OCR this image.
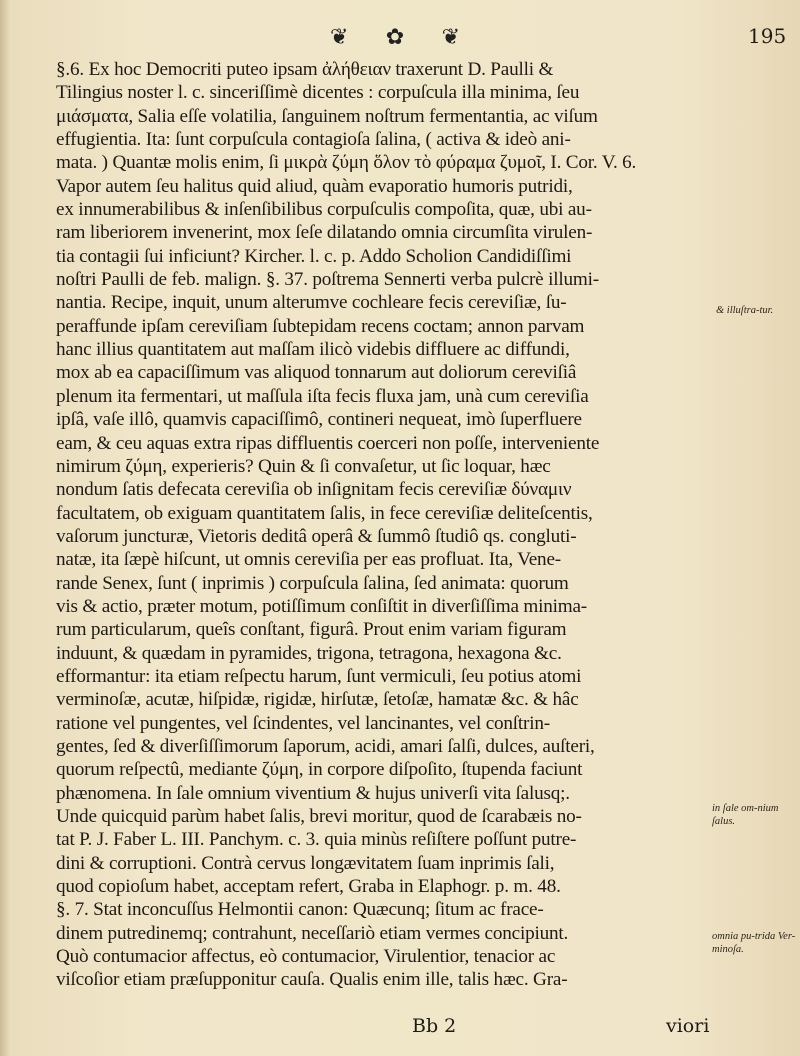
❦ ✿ ❦	195
§.6. Ex hoc Democriti puteo ipsam ἀλήθειαν traxerunt D. Paulli &
Tilingius noster l. c. sinceriſſimè dicentes : corpuſcula illa minima, ſeu
μιάσματα, Salia eſſe volatilia, ſanguinem noſtrum fermentantia, ac viſum
effugientia. Ita: ſunt corpuſcula contagioſa ſalina, ( activa & ideò ani-
mata. ) Quantæ molis enim, ſi μικρὰ ζύμη ὅλον τὸ φύραμα ζυμοῖ, I. Cor. V. 6.
Vapor autem ſeu halitus quid aliud, quàm evaporatio humoris putridi,
ex innumerabilibus & inſenſibilibus corpuſculis compoſita, quæ, ubi au-
ram liberiorem invenerint, mox ſeſe dilatando omnia circumſita virulen-
tia contagii ſui inficiunt? Kircher. l. c. p. Addo Scholion Candidiſſimi
noſtri Paulli de feb. malign. §. 37. poſtrema Sennerti verba pulcrè illumi-
nantia. Recipe, inquit, unum alterumve cochleare fecis cereviſiæ, ſu-
peraffunde ipſam cereviſiam ſubtepidam recens coctam; annon parvam
hanc illius quantitatem aut maſſam ilicò videbis diffluere ac diffundi,
mox ab ea capaciſſimum vas aliquod tonnarum aut doliorum cereviſiâ
plenum ita fermentari, ut maſſula iſta fecis fluxa jam, unà cum cereviſia
ipſâ, vaſe illô, quamvis capaciſſimô, contineri nequeat, imò ſuperfluere
eam, & ceu aquas extra ripas diffluentis coerceri non poſſe, interveniente
nimirum ζύμη, experieris? Quin & ſi convaſetur, ut ſic loquar, hæc
nondum ſatis defecata cereviſia ob inſignitam fecis cereviſiæ δύναμιν
facultatem, ob exiguam quantitatem ſalis, in fece cereviſiæ deliteſcentis,
vaſorum juncturæ, Vietoris deditâ operâ & ſummô ſtudiô qs. congluti-
natæ, ita ſæpè hiſcunt, ut omnis cereviſia per eas profluat. Ita, Vene-
rande Senex, ſunt ( inprimis ) corpuſcula ſalina, ſed animata: quorum
vis & actio, præter motum, potiſſimum conſiſtit in diverſiſſima minima-
rum particularum, queîs conſtant, figurâ. Prout enim variam figuram
induunt, & quædam in pyramides, trigona, tetragona, hexagona &c.
efformantur: ita etiam reſpectu harum, ſunt vermiculi, ſeu potius atomi
verminoſæ, acutæ, hiſpidæ, rigidæ, hirſutæ, ſetoſæ, hamatæ &c. & hâc
ratione vel pungentes, vel ſcindentes, vel lancinantes, vel conſtrin-
gentes, ſed & diverſiſſimorum ſaporum, acidi, amari ſalſi, dulces, auſteri,
quorum reſpectû, mediante ζύμη, in corpore diſpoſito, ſtupenda faciunt
phænomena. In ſale omnium viventium & hujus univerſi vita ſalusq;.
Unde quicquid parùm habet ſalis, brevi moritur, quod de ſcarabæis no-
tat P. J. Faber L. III. Panchym. c. 3. quia minùs reſiſtere poſſunt putre-
dini & corruptioni. Contrà cervus longævitatem ſuam inprimis ſali,
quod copioſum habet, acceptam refert, Graba in Elaphogr. p. m. 48.
§. 7. Stat inconcuſſus Helmontii canon: Quæcunq; ſitum ac frace-
dinem putredinemq; contrahunt, neceſſariò etiam vermes concipiunt.
Quò contumacior affectus, eò contumacior, Virulentior, tenacior ac
viſcoſior etiam præſupponitur cauſa. Qualis enim ille, talis hæc. Gra-
& illuſtra-tur.
in ſale om-nium ſalus.
omnia pu-trida Ver-minoſa.
Bb 2	viori
